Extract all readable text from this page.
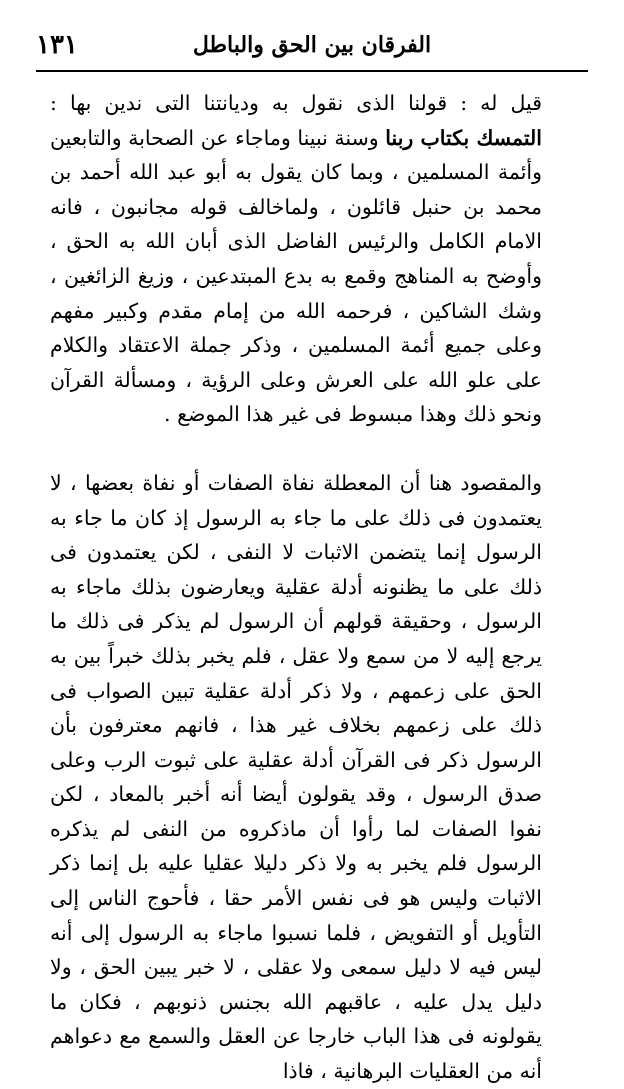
الفرقان بين الحق والباطل
١٣١
قيل له : قولنا الذى نقول به وديانتنا التى ندين بها : التمسك بكتاب ربنا وسنة نبينا وماجاء عن الصحابة والتابعين وأئمة المسلمين ، وبما كان يقول به أبو عبد الله أحمد بن محمد بن حنبل قائلون ، ولماخالف قوله مجانبون ، فانه الامام الكامل والرئيس الفاضل الذى أبان الله به الحق ، وأوضح به المناهج وقمع به بدع المبتدعين ، وزيغ الزائغين ، وشك الشاكين ، فرحمه الله من إمام مقدم وكبير مفهم وعلى جميع أئمة المسلمين ، وذكر جملة الاعتقاد والكلام على علو الله على العرش وعلى الرؤية ، ومسألة القرآن ونحو ذلك وهذا مبسوط فى غير هذا الموضع .
والمقصود هنا أن المعطلة نفاة الصفات أو نفاة بعضها ، لا يعتمدون فى ذلك على ما جاء به الرسول إذ كان ما جاء به الرسول إنما يتضمن الاثبات لا النفى ، لكن يعتمدون فى ذلك على ما يظنونه أدلة عقلية ويعارضون بذلك ماجاء به الرسول ، وحقيقة قولهم أن الرسول لم يذكر فى ذلك ما يرجع إليه لا من سمع ولا عقل ، فلم يخبر بذلك خبراً بين به الحق على زعمهم ، ولا ذكر أدلة عقلية تبين الصواب فى ذلك على زعمهم بخلاف غير هذا ، فانهم معترفون بأن الرسول ذكر فى القرآن أدلة عقلية على ثبوت الرب وعلى صدق الرسول ، وقد يقولون أيضا أنه أخبر بالمعاد ، لكن نفوا الصفات لما رأوا أن ماذكروه من النفى لم يذكره الرسول فلم يخبر به ولا ذكر دليلا عقليا عليه بل إنما ذكر الاثبات وليس هو فى نفس الأمر حقا ، فأحوج الناس إلى التأويل أو التفويض ، فلما نسبوا ماجاء به الرسول إلى أنه ليس فيه لا دليل سمعى ولا عقلى ، لا خبر يبين الحق ، ولا دليل يدل عليه ، عاقبهم الله بجنس ذنوبهم ، فكان ما يقولونه فى هذا الباب خارجا عن العقل والسمع مع دعواهم أنه من العقليات البرهانية ، فاذا
